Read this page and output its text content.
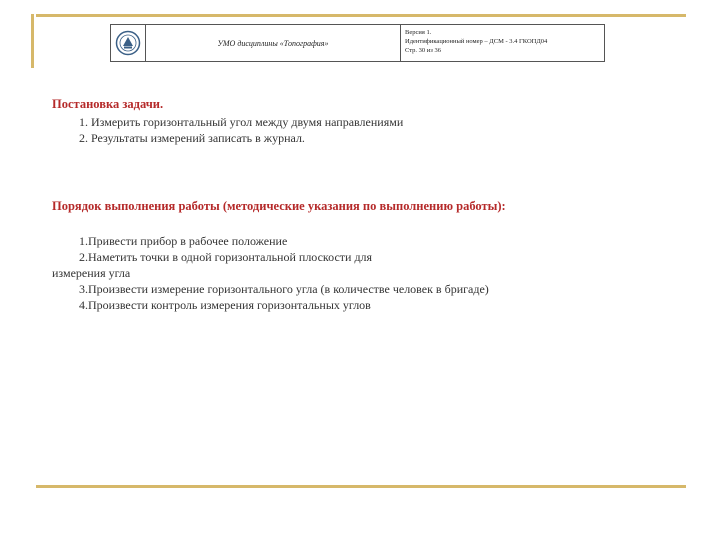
	УМО дисциплины «Топография»	
Версия 1.
Идентификационный номер – ДСМ - 3.4 ГКОПД04
Стр. 30 из 36
Постановка задачи.
1. Измерить горизонтальный угол между двумя направлениями
2. Результаты измерений записать в журнал.
Порядок выполнения работы (методические указания по выполнению работы):
1.Привести прибор в рабочее положение
2.Наметить точки в одной горизонтальной плоскости для
измерения угла
3.Произвести измерение горизонтального угла (в количестве человек в бригаде)
4.Произвести контроль измерения горизонтальных углов
